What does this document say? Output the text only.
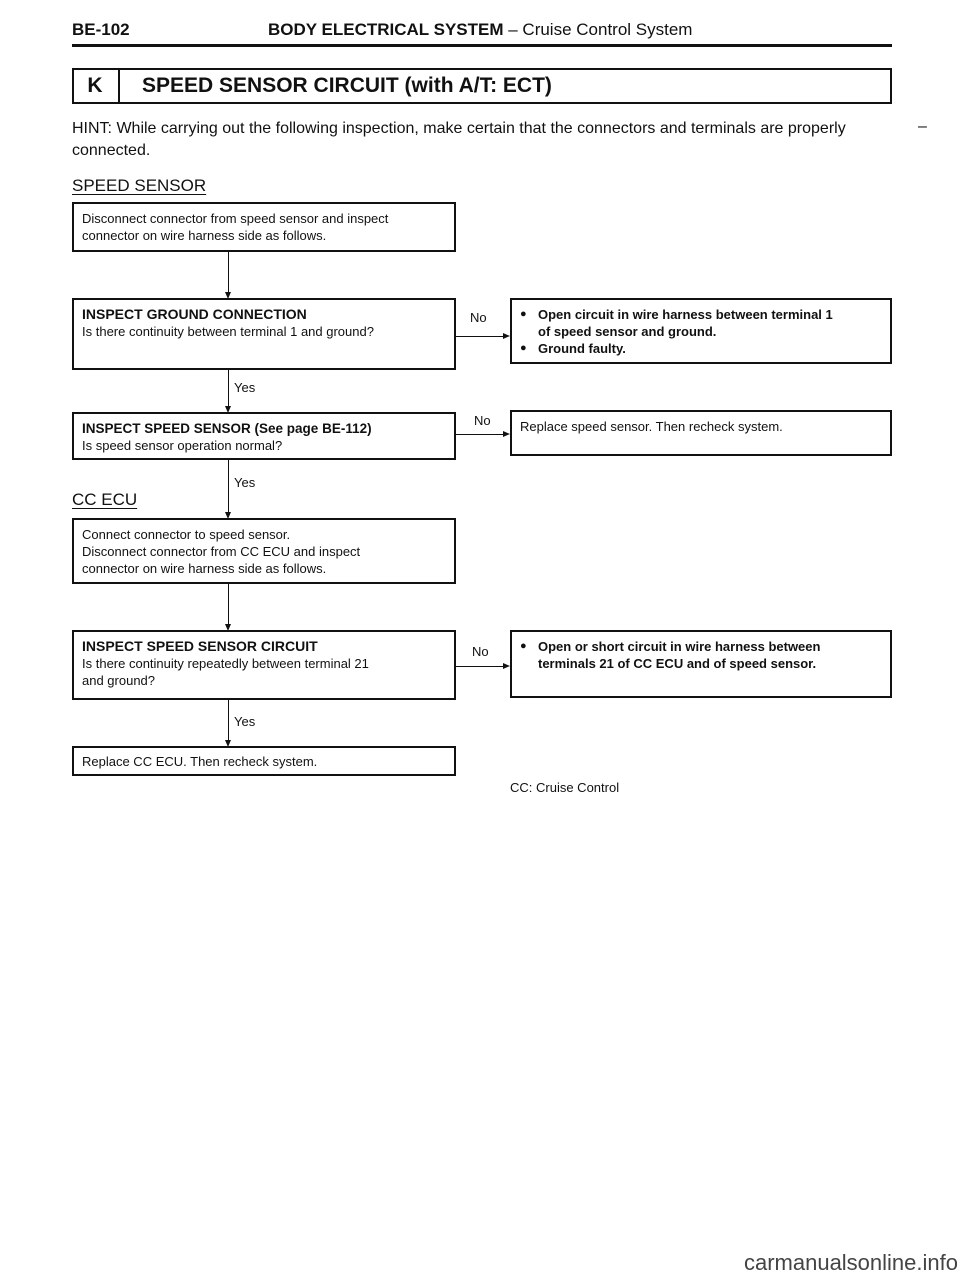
BE-102	BODY ELECTRICAL SYSTEM – Cruise Control System
K	SPEED SENSOR CIRCUIT (with A/T: ECT)
HINT: While carrying out the following inspection, make certain that the connectors and terminals are properly connected.
–
SPEED SENSOR
Disconnect connector from speed sensor and inspect
connector on wire harness side as follows.
INSPECT GROUND CONNECTION
Is there continuity between terminal 1 and ground?
No	● Open circuit in wire harness between terminal 1
of speed sensor and ground.
● Ground faulty.
Yes
INSPECT SPEED SENSOR (See page BE-112)
Is speed sensor operation normal?
No Replace speed sensor. Then recheck system.
Yes
CC ECU
Connect connector to speed sensor.
Disconnect connector from CC ECU and inspect
connector on wire harness side as follows.
INSPECT SPEED SENSOR CIRCUIT
Is there continuity repeatedly between terminal 21
and ground?
No	● Open or short circuit in wire harness between
terminals 21 of CC ECU and of speed sensor.
Yes
Replace CC ECU. Then recheck system.
CC: Cruise Control
carmanualsonline.info
